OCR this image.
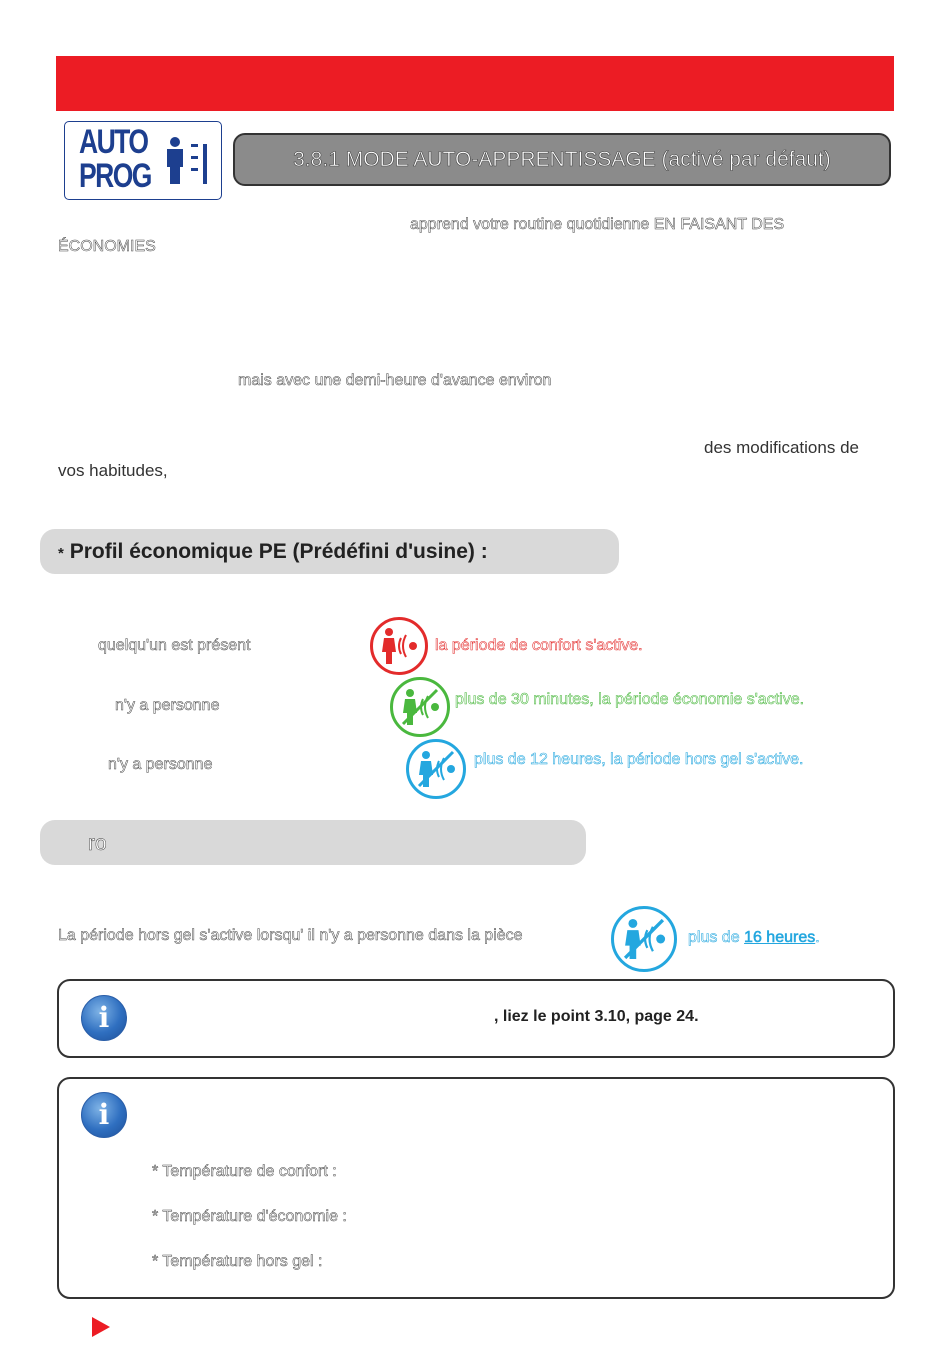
AUTO
PROG	3.8.1 MODE AUTO-APPRENTISSAGE (activé par défaut)
apprend votre routine quotidienne EN FAISANT DES
ÉCONOMIES
mais avec une demi-heure d'avance environ
des modifications de
vos habitudes,
* Profil économique PE (Prédéfini d'usine) :
quelqu'un est présent	la période de confort s'active.
n'y a personne	plus de 30 minutes, la période économie s'active.
n'y a personne	plus de 12 heures, la période hors gel s'active.
ro
La période hors gel s'active lorsqu' il n'y a personne dans la pièce	plus de 16 heures.
i	, liez le point 3.10, page 24.
i
* Température de confort :
* Température d'économie :
* Température hors gel :
